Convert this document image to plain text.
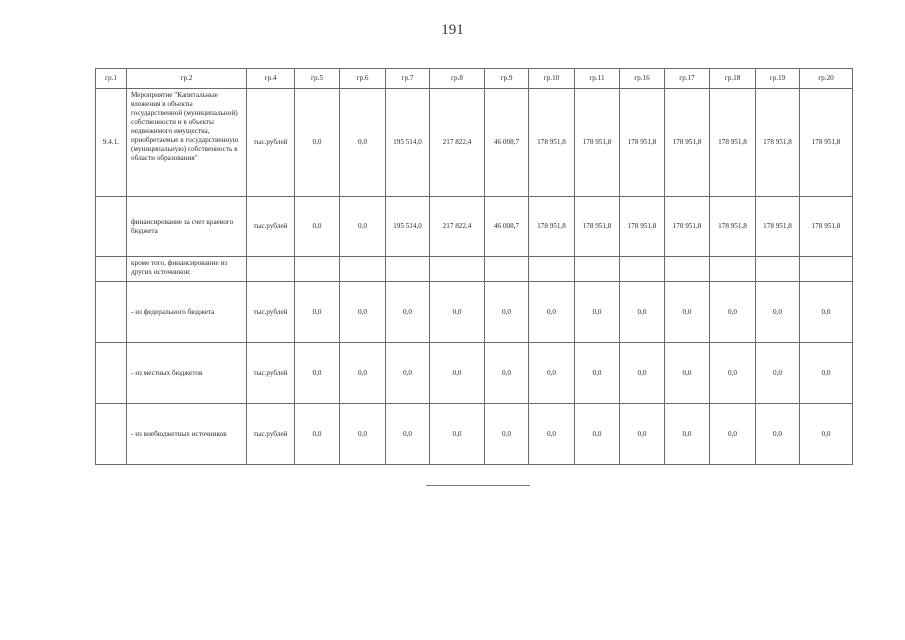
191
гр.1	гр.2	гр.4	гр.5	гр.6	гр.7	гр.8	гр.9	гр.10	гр.11	гр.16	гр.17	гр.18	гр.19	гр.20
9.4.1.	Мероприятие "Капитальные вложения в объекты государственной (муниципальной) собственности и в объекты недвижимого имущества, приобретаемые в государственную (муниципальную) собственность в области образования"	тыс.рублей	0,0	0,0	195 514,0	217 822,4	46 008,7	178 951,8	178 951,8	178 951,8	178 951,8	178 951,8	178 951,8	178 951,8
	финансирование за счет краевого бюджета	тыс.рублей	0,0	0,0	195 514,0	217 822,4	46 008,7	178 951,8	178 951,8	178 951,8	178 951,8	178 951,8	178 951,8	178 951,8
	кроме того, финансирование из других источников:													
	- из федерального бюджета	тыс.рублей	0,0	0,0	0,0	0,0	0,0	0,0	0,0	0,0	0,0	0,0	0,0	0,0
	- из местных бюджетов	тыс.рублей	0,0	0,0	0,0	0,0	0,0	0,0	0,0	0,0	0,0	0,0	0,0	0,0
	- из внебюджетных источников	тыс.рублей	0,0	0,0	0,0	0,0	0,0	0,0	0,0	0,0	0,0	0,0	0,0	0,0
